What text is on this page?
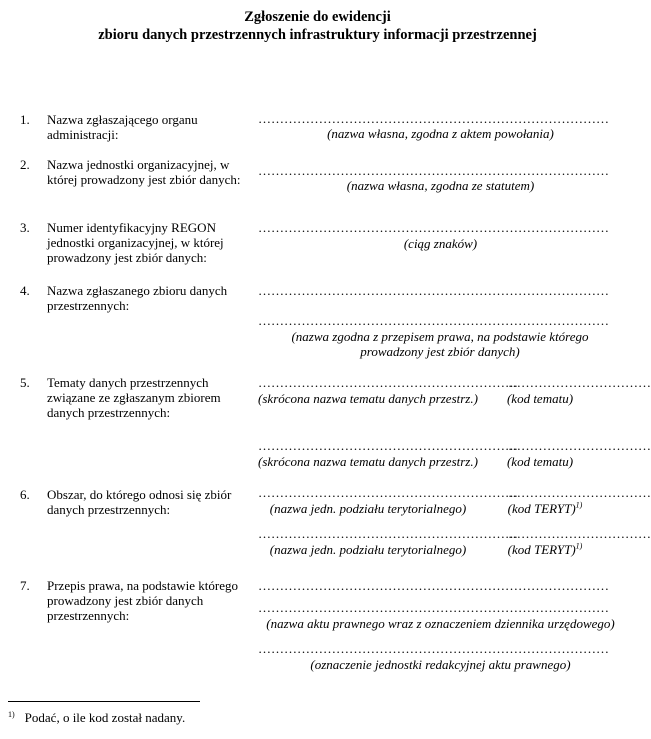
Zgłoszenie do ewidencji
zbioru danych przestrzennych infrastruktury informacji przestrzennej
1. Nazwa zgłaszającego organu administracji:
………………………………………………………………………
(nazwa własna, zgodna z aktem powołania)
2. Nazwa jednostki organizacyjnej, w której prowadzony jest zbiór danych:
………………………………………………………………………
(nazwa własna, zgodna ze statutem)
3. Numer identyfikacyjny REGON jednostki organizacyjnej, w której prowadzony jest zbiór danych:
………………………………………………………………………
(ciąg znaków)
4. Nazwa zgłaszanego zbioru danych przestrzennych:
………………………………………………………………………
………………………………………………………………………
(nazwa zgodna z przepisem prawa, na podstawie którego prowadzony jest zbiór danych)
5. Tematy danych przestrzennych związane ze zgłaszanym zbiorem danych przestrzennych:
……………………………………………………
……………………………
(skrócona nazwa tematu danych przestrz.)	(kod tematu)
……………………………………………………
……………………………
(skrócona nazwa tematu danych przestrz.)	(kod tematu)
6. Obszar, do którego odnosi się zbiór danych przestrzennych:
……………………………………………………
……………………………
(nazwa jedn. podziału terytorialnego)	(kod TERYT)$^{1)}$
……………………………………………………
……………………………
(nazwa jedn. podziału terytorialnego)	(kod TERYT)$^{1)}$
7. Przepis prawa, na podstawie którego prowadzony jest zbiór danych przestrzennych:
………………………………………………………………………
………………………………………………………………………
(nazwa aktu prawnego wraz z oznaczeniem dziennika urzędowego)
………………………………………………………………………
(oznaczenie jednostki redakcyjnej aktu prawnego)
$^{1)}$ Podać, o ile kod został nadany.
